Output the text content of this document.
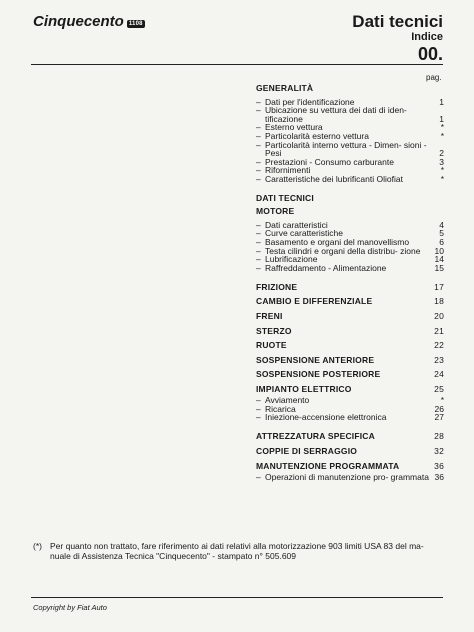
Cinquecento 1108	Dati tecnici
Indice
00.
pag.
GENERALITÀ
– Dati per l'identificazione	1
– Ubicazione su vettura dei dati di iden- tificazione	1
– Esterno vettura	*
– Particolarità esterno vettura	*
– Particolarità interno vettura - Dimen- sioni - Pesi	2
– Prestazioni - Consumo carburante	3
– Rifornimenti	*
– Caratteristiche dei lubrificanti Oliofiat	*
DATI TECNICI
MOTORE
– Dati caratteristici	4
– Curve caratteristiche	5
– Basamento e organi del manovellismo	6
– Testa cilindri e organi della distribu- zione	10
– Lubrificazione	14
– Raffreddamento - Alimentazione	15
FRIZIONE	17
CAMBIO E DIFFERENZIALE	18
FRENI	20
STERZO	21
RUOTE	22
SOSPENSIONE ANTERIORE	23
SOSPENSIONE POSTERIORE	24
IMPIANTO ELETTRICO	25
– Avviamento	*
– Ricarica	26
– Iniezione-accensione elettronica	27
ATTREZZATURA SPECIFICA	28
COPPIE DI SERRAGGIO	32
MANUTENZIONE PROGRAMMATA	36
– Operazioni di manutenzione pro- grammata 36
(*) Per quanto non trattato, fare riferimento ai dati relativi alla motorizzazione 903 limiti USA 83 del ma- nuale di Assistenza Tecnica "Cinquecento" - stampato n° 505.609
Copyright by Fiat Auto
